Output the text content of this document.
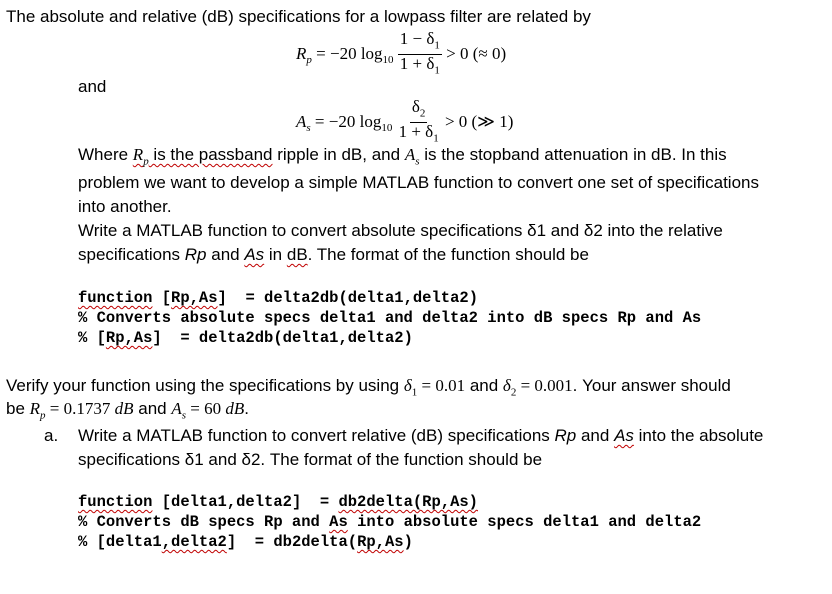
The absolute and relative (dB) specifications for a lowpass filter are related by
$R_p = -20$ $\log_{10} \frac{1 - \delta_1}{1 + \delta_1} > 0$ (≈ 0)
and
$A_s = -20$ $\log_{10} \frac{\delta_2}{1 + \delta_1} > 0$ (≫ 1)
Where $R_p$ is the passband ripple in dB, and $A_s$ is the stopband attenuation in dB. In this
problem we want to develop a simple MATLAB function to convert one set of specifications
into another.
Write a MATLAB function to convert absolute specifications δ1 and δ2 into the relative
specifications Rp and As in dB. The format of the function should be
function [Rp,As]  = delta2db(delta1,delta2)
% Converts absolute specs delta1 and delta2 into dB specs Rp and As
% [Rp,As]  = delta2db(delta1,delta2)
Verify your function using the specifications by using $\delta_1 = 0.01$ and $\delta_2 = 0.001$. Your answer should
be $R_p = 0.1737$ dB and $A_s = 60$ dB.
a. Write a MATLAB function to convert relative (dB) specifications Rp and As into the absolute
specifications δ1 and δ2. The format of the function should be
function [delta1,delta2]  = db2delta(Rp,As)
% Converts dB specs Rp and As into absolute specs delta1 and delta2
% [delta1,delta2]  = db2delta(Rp,As)
